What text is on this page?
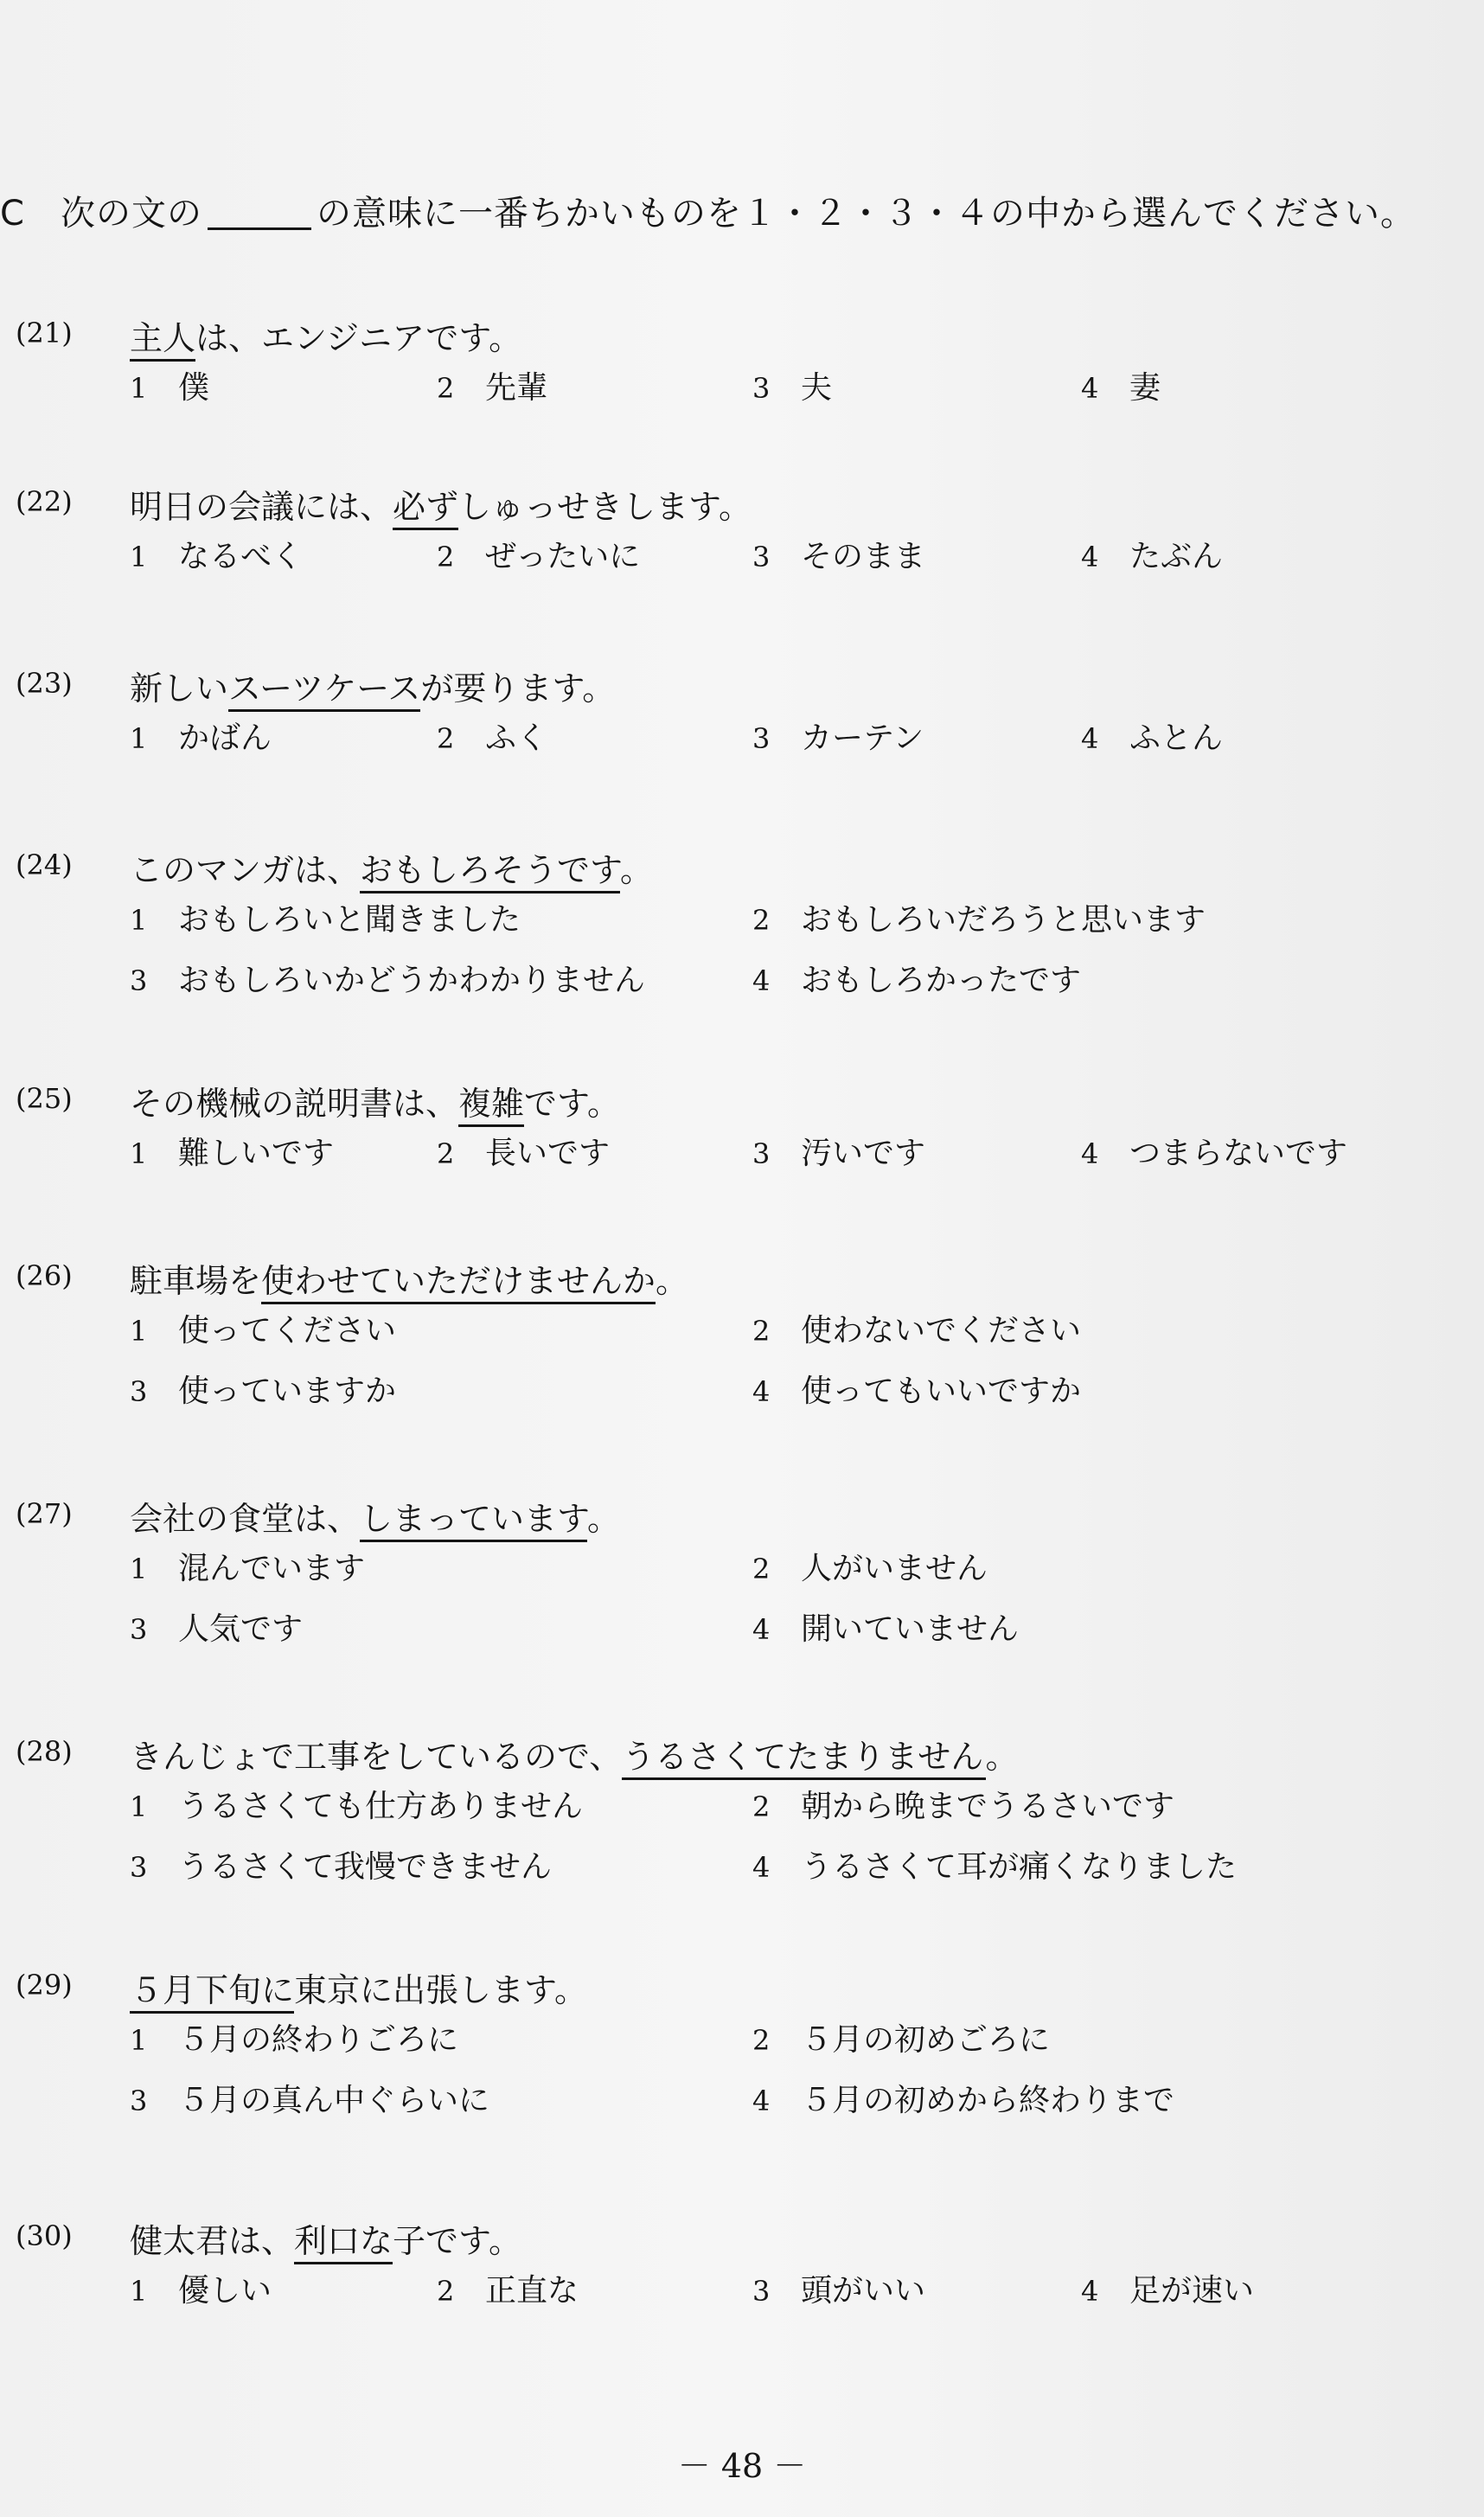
C 次の文の	の意味に一番ちかいものを１・２・３・４の中から選んでください。
(21) 主人は、エンジニアです。
1 僕	2 先輩	3 夫	4 妻
(22) 明日の会議には、必ずしゅっせきします。
1 なるべく	2 ぜったいに	3 そのまま	4 たぶん
(23) 新しいスーツケースが要ります。
1 かばん	2 ふく	3 カーテン	4 ふとん
(24) このマンガは、おもしろそうです。
1 おもしろいと聞きました	2 おもしろいだろうと思います
3 おもしろいかどうかわかりません	4 おもしろかったです
(25) その機械の説明書は、複雑です。
1 難しいです	2 長いです	3 汚いです	4 つまらないです
(26) 駐車場を使わせていただけませんか。
1 使ってください	2 使わないでください
3 使っていますか	4 使ってもいいですか
(27) 会社の食堂は、しまっています。
1 混んでいます	2 人がいません
3 人気です	4 開いていません
(28) きんじょで工事をしているので、うるさくてたまりません。
1 うるさくても仕方ありません	2 朝から晩までうるさいです
3 うるさくて我慢できません	4 うるさくて耳が痛くなりました
(29) ５月下旬に東京に出張します。
1 ５月の終わりごろに	2 ５月の初めごろに
3 ５月の真ん中ぐらいに	4 ５月の初めから終わりまで
(30) 健太君は、利口な子です。
1 優しい	2 正直な	3 頭がいい	4 足が速い
－ 48 －
